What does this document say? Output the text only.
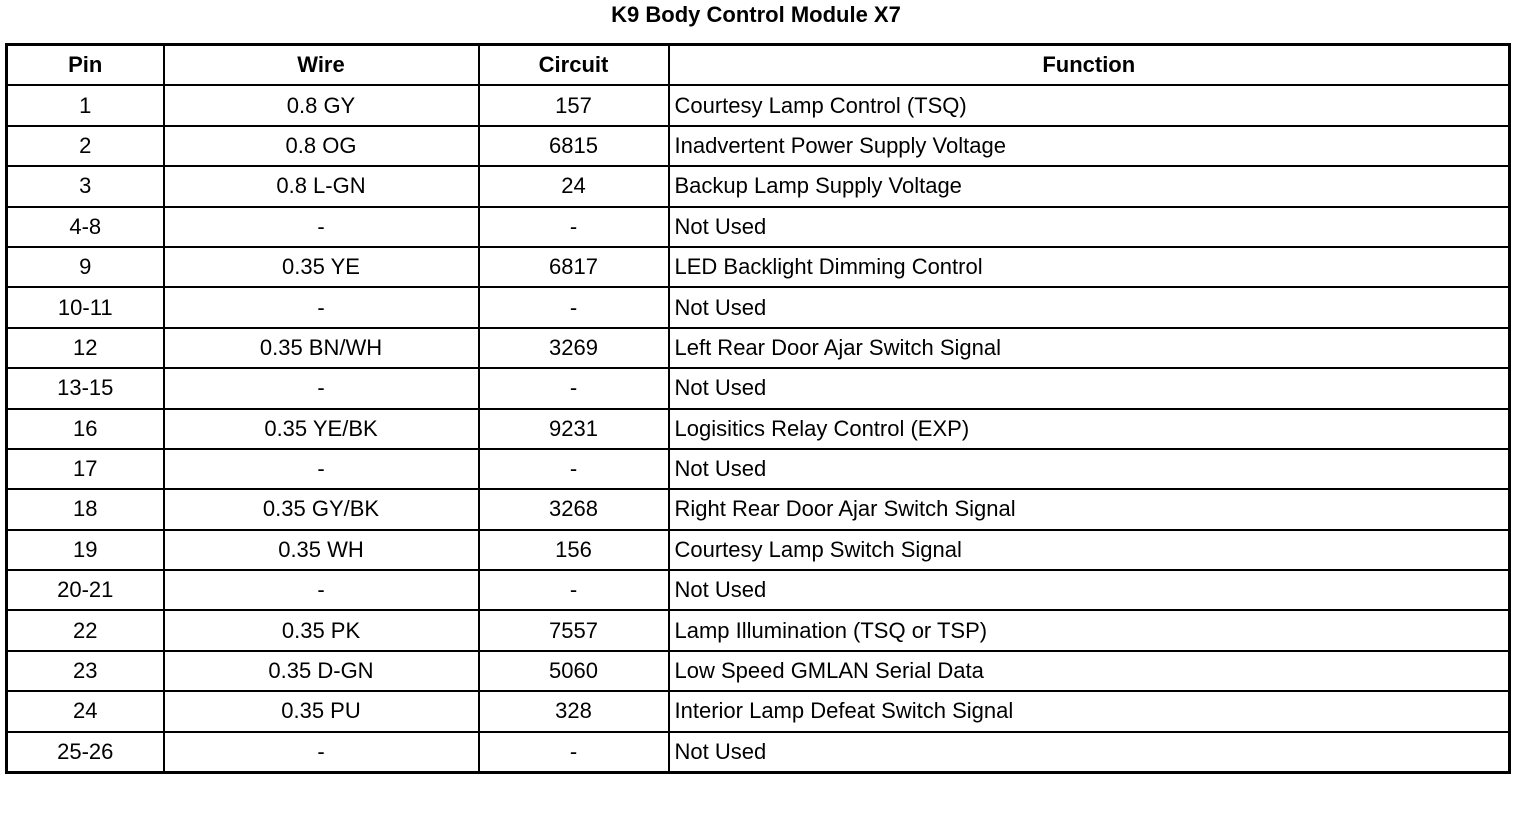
K9 Body Control Module X7
Pin	Wire	Circuit	Function
1	0.8 GY	157	Courtesy Lamp Control (TSQ)
2	0.8 OG	6815	Inadvertent Power Supply Voltage
3	0.8 L-GN	24	Backup Lamp Supply Voltage
4-8	-	-	Not Used
9	0.35 YE	6817	LED Backlight Dimming Control
10-11	-	-	Not Used
12	0.35 BN/WH	3269	Left Rear Door Ajar Switch Signal
13-15	-	-	Not Used
16	0.35 YE/BK	9231	Logisitics Relay Control (EXP)
17	-	-	Not Used
18	0.35 GY/BK	3268	Right Rear Door Ajar Switch Signal
19	0.35 WH	156	Courtesy Lamp Switch Signal
20-21	-	-	Not Used
22	0.35 PK	7557	Lamp Illumination (TSQ or TSP)
23	0.35 D-GN	5060	Low Speed GMLAN Serial Data
24	0.35 PU	328	Interior Lamp Defeat Switch Signal
25-26	-	-	Not Used
